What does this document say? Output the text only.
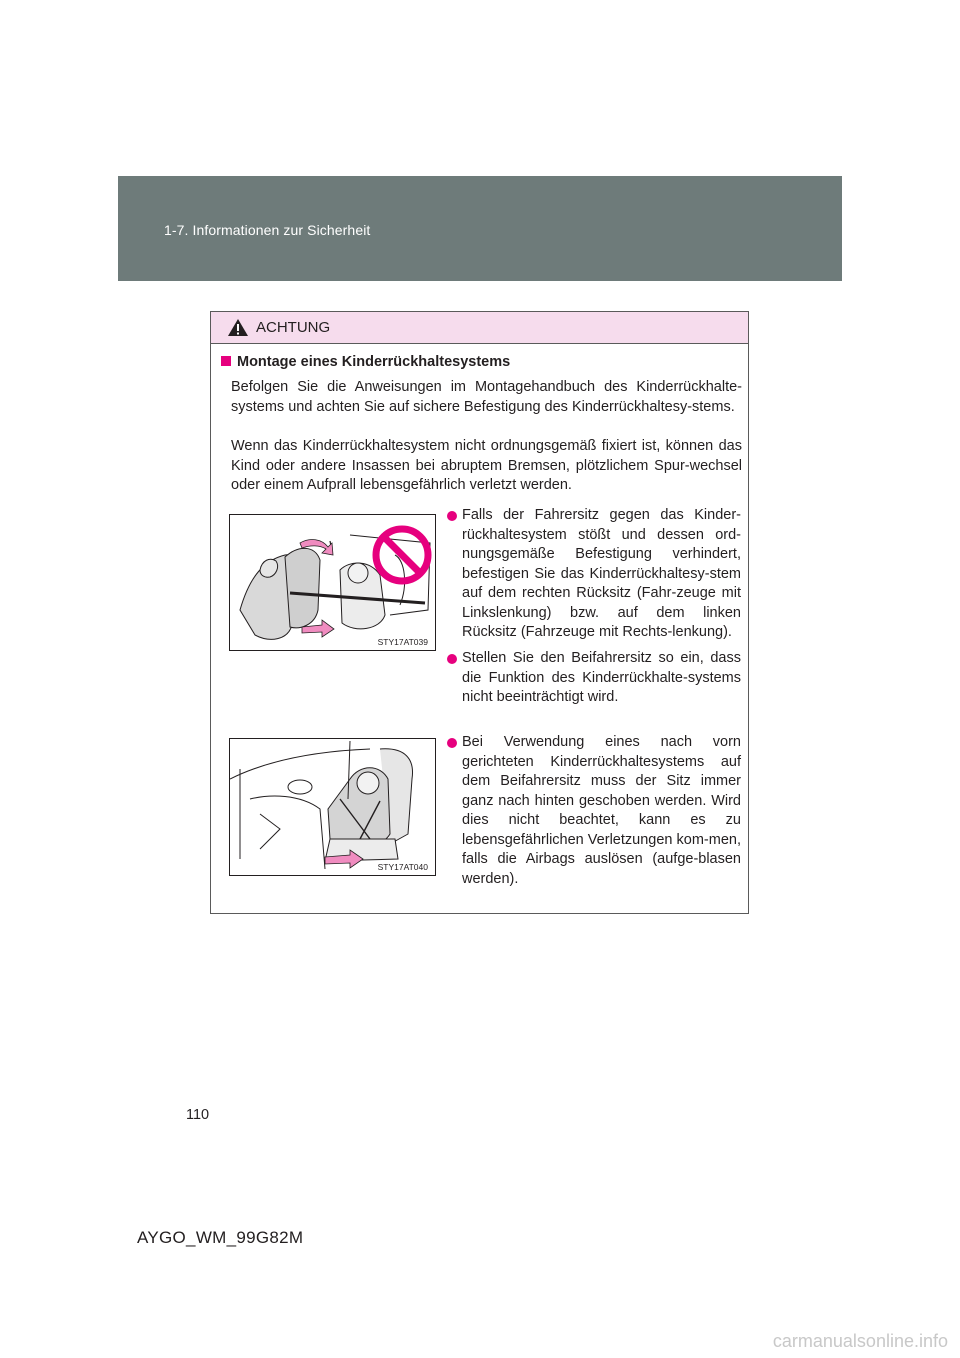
1-7. Informationen zur Sicherheit
ACHTUNG
Montage eines Kinderrückhaltesystems
Befolgen Sie die Anweisungen im Montagehandbuch des Kinderrückhalte-systems und achten Sie auf sichere Befestigung des Kinderrückhaltesy-stems.
Wenn das Kinderrückhaltesystem nicht ordnungsgemäß fixiert ist, können das Kind oder andere Insassen bei abruptem Bremsen, plötzlichem Spur-wechsel oder einem Aufprall lebensgefährlich verletzt werden.
STY17AT039
STY17AT040
Falls der Fahrersitz gegen das Kinder-rückhaltesystem stößt und dessen ord-nungsgemäße Befestigung verhindert, befestigen Sie das Kinderrückhaltesy-stem auf dem rechten Rücksitz (Fahr-zeuge mit Linkslenkung) bzw. auf dem linken Rücksitz (Fahrzeuge mit Rechts-lenkung).
Stellen Sie den Beifahrersitz so ein, dass die Funktion des Kinderrückhalte-systems nicht beeinträchtigt wird.
Bei Verwendung eines nach vorn gerichteten Kinderrückhaltesystems auf dem Beifahrersitz muss der Sitz immer ganz nach hinten geschoben werden. Wird dies nicht beachtet, kann es zu lebensgefährlichen Verletzungen kom-men, falls die Airbags auslösen (aufge-blasen werden).
110
AYGO_WM_99G82M
carmanualsonline.info
